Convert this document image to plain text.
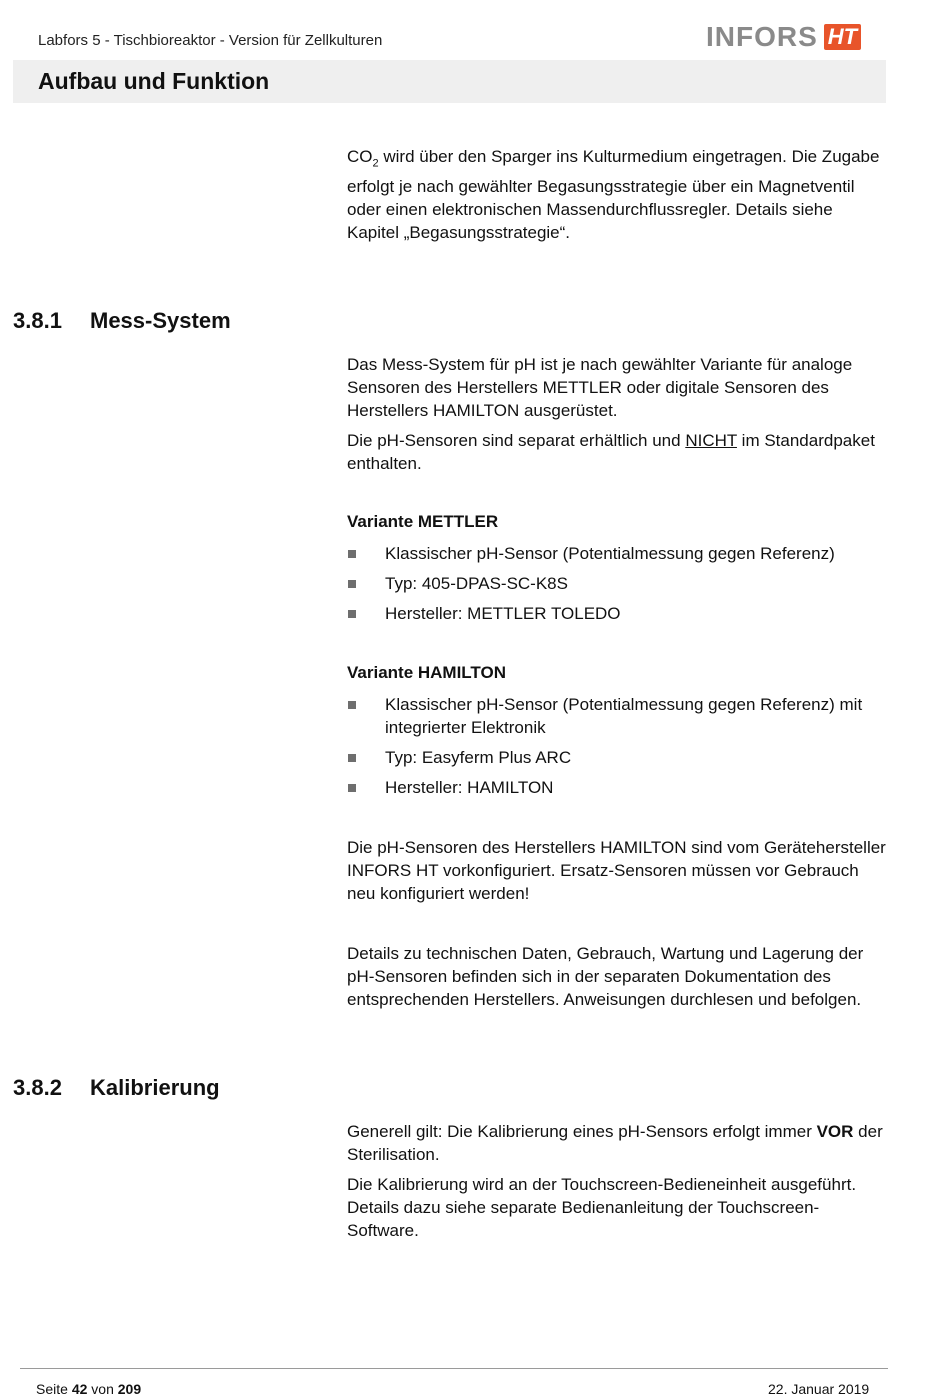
Labfors 5 - Tischbioreaktor - Version für Zellkulturen	INFORS HT
Aufbau und Funktion

$CO_2$ wird über den Sparger ins Kulturmedium eingetragen. Die Zugabe erfolgt je nach gewählter Begasungsstrategie über ein Magnetventil oder einen elektronischen Massendurchflussregler. Details siehe Kapitel „Begasungsstrategie“.

3.8.1 Mess-System

Das Mess-System für pH ist je nach gewählter Variante für analoge Sensoren des Herstellers METTLER oder digitale Sensoren des Herstellers HAMILTON ausgerüstet.

Die pH-Sensoren sind separat erhältlich und NICHT im Standardpaket enthalten.

Variante METTLER
Klassischer pH-Sensor (Potentialmessung gegen Referenz)
Typ: 405-DPAS-SC-K8S
Hersteller: METTLER TOLEDO
Variante HAMILTON
Klassischer pH-Sensor (Potentialmessung gegen Referenz) mit integrierter Elektronik
Typ: Easyferm Plus ARC
Hersteller: HAMILTON

Die pH-Sensoren des Herstellers HAMILTON sind vom Gerätehersteller INFORS HT vorkonfiguriert. Ersatz-Sensoren müssen vor Gebrauch neu konfiguriert werden!

Details zu technischen Daten, Gebrauch, Wartung und Lagerung der pH-Sensoren befinden sich in der separaten Dokumentation des entsprechenden Herstellers. Anweisungen durchlesen und befolgen.

3.8.2 Kalibrierung

Generell gilt: Die Kalibrierung eines pH-Sensors erfolgt immer VOR der Sterilisation.

Die Kalibrierung wird an der Touchscreen-Bedieneinheit ausgeführt. Details dazu siehe separate Bedienanleitung der Touchscreen-Software.

Seite 42 von 209	22. Januar 2019
